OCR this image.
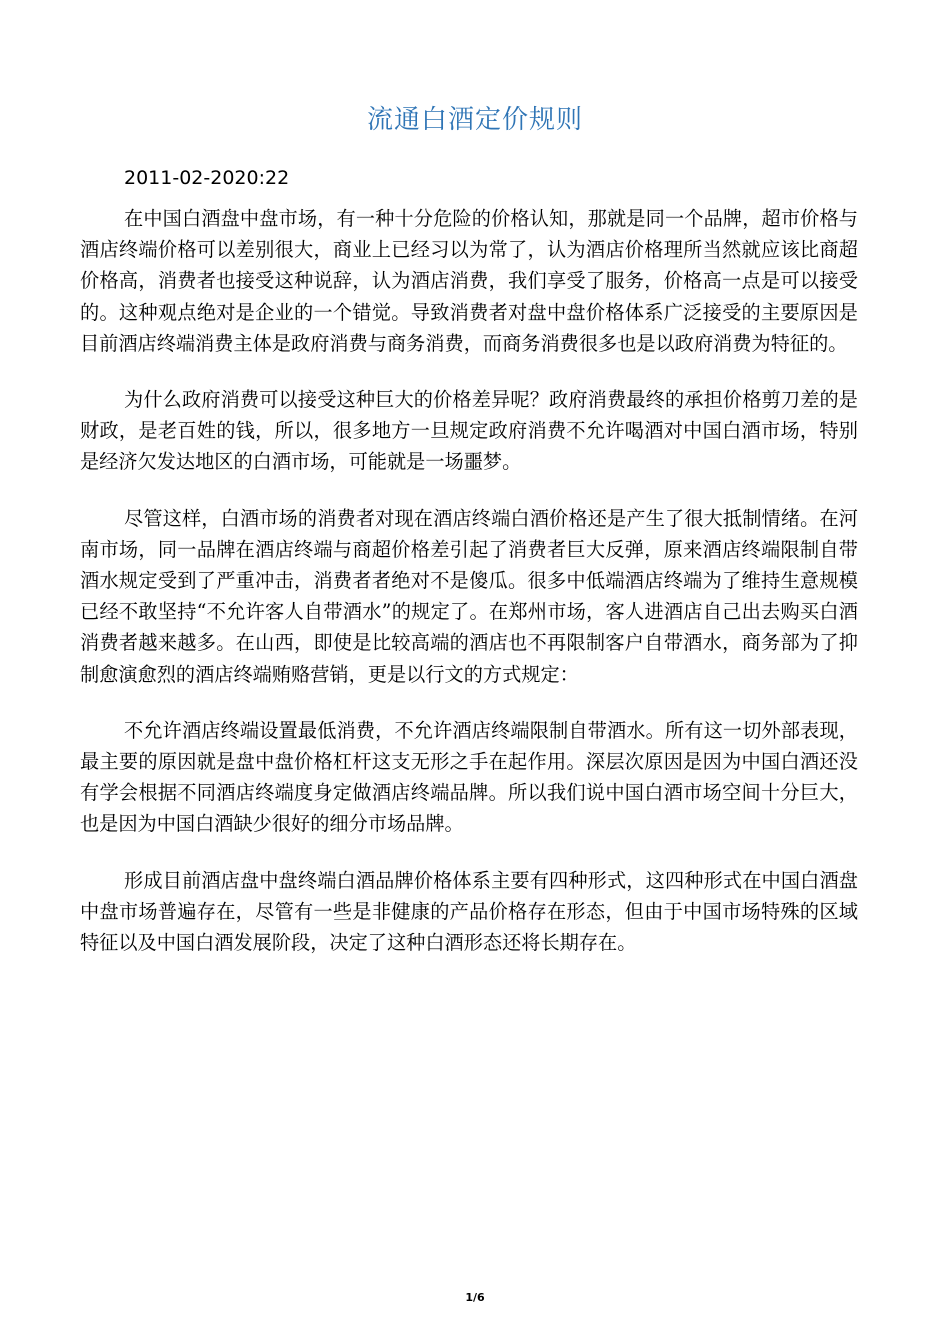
流通白酒定价规则
2011-02-2020:22

在中国白酒盘中盘市场，有一种十分危险的价格认知，那就是同一个品牌，超市价格与酒店终端价格可以差别很大，商业上已经习以为常了，认为酒店价格理所当然就应该比商超价格高，消费者也接受这种说辞，认为酒店消费，我们享受了服务，价格高一点是可以接受的。这种观点绝对是企业的一个错觉。导致消费者对盘中盘价格体系广泛接受的主要原因是目前酒店终端消费主体是政府消费与商务消费，而商务消费很多也是以政府消费为特征的。

为什么政府消费可以接受这种巨大的价格差异呢？政府消费最终的承担价格剪刀差的是财政，是老百姓的钱，所以，很多地方一旦规定政府消费不允许喝酒对中国白酒市场，特别是经济欠发达地区的白酒市场，可能就是一场噩梦。

尽管这样，白酒市场的消费者对现在酒店终端白酒价格还是产生了很大抵制情绪。在河南市场，同一品牌在酒店终端与商超价格差引起了消费者巨大反弹，原来酒店终端限制自带酒水规定受到了严重冲击，消费者者绝对不是傻瓜。很多中低端酒店终端为了维持生意规模已经不敢坚持“不允许客人自带酒水”的规定了。在郑州市场，客人进酒店自己出去购买白酒消费者越来越多。在山西，即使是比较高端的酒店也不再限制客户自带酒水，商务部为了抑制愈演愈烈的酒店终端贿赂营销，更是以行文的方式规定：

不允许酒店终端设置最低消费，不允许酒店终端限制自带酒水。所有这一切外部表现，最主要的原因就是盘中盘价格杠杆这支无形之手在起作用。深层次原因是因为中国白酒还没有学会根据不同酒店终端度身定做酒店终端品牌。所以我们说中国白酒市场空间十分巨大，也是因为中国白酒缺少很好的细分市场品牌。

形成目前酒店盘中盘终端白酒品牌价格体系主要有四种形式，这四种形式在中国白酒盘中盘市场普遍存在，尽管有一些是非健康的产品价格存在形态，但由于中国市场特殊的区域特征以及中国白酒发展阶段，决定了这种白酒形态还将长期存在。

1/6
